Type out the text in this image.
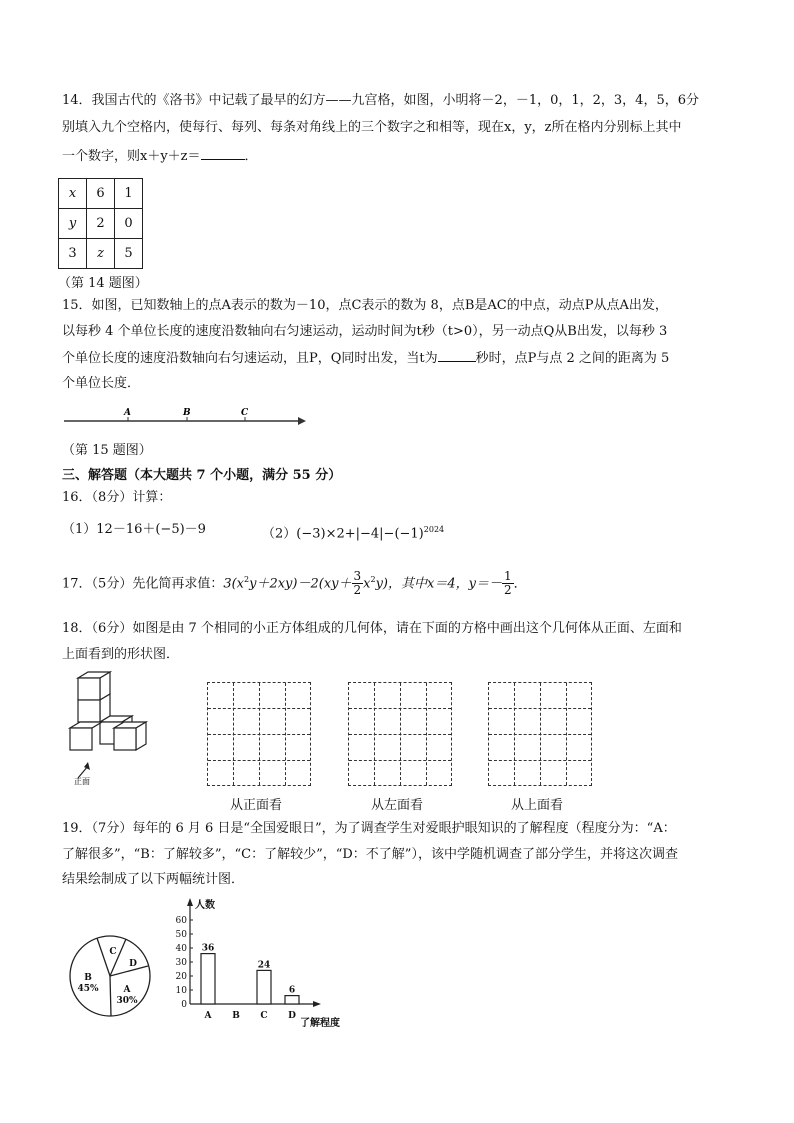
14．我国古代的《洛书》中记载了最早的幻方——九宫格，如图，小明将－2，－1，0，1，2，3，4，5，6分
别填入九个空格内，使每行、每列、每条对角线上的三个数字之和相等，现在x，y，z所在格内分别标上其中
一个数字，则x＋y＋z＝	．
x	6	1
y	2	0
3	z	5
（第 14 题图）
15．如图，已知数轴上的点A表示的数为－10，点C表示的数为 8，点B是AC的中点，动点P从点A出发，
以每秒 4 个单位长度的速度沿数轴向右匀速运动，运动时间为t秒（t>0），另一动点Q从B出发，以每秒 3
个单位长度的速度沿数轴向右匀速运动，且P，Q同时出发，当t为	秒时，点P与点 2 之间的距离为 5
个单位长度．
A	B	C
（第 15 题图）
三、解答题（本大题共 7 个小题，满分 55 分）
16．（8分）计算：
（1）12－16＋(−5)－9	$(2)(-3)\times 2+|-4|-(-1)^{2024}$
17．（5分）先化简再求值：$3(x^2y+2xy)-2(xy+ \frac{3}{2} x^2y)$，其中x＝4，$y=- \frac{1}{2}$ ．
18．（6分）如图是由 7 个相同的小正方体组成的几何体，请在下面的方格中画出这个几何体从正面、左面和
上面看到的形状图．
正面
从正面看	从左面看	从上面看
19．（7分）每年的 6 月 6 日是“全国爱眼日”，为了调查学生对爱眼护眼知识的了解程度（程度分为：“A：
了解很多”，“B：了解较多”，“C：了解较少”，“D：不了解”），该中学随机调查了部分学生，并将这次调查
结果绘制成了以下两幅统计图．
C
D
B
45%	A
30%
人数
0
10
20
30
40
50
60
A
36
B C
24
D
6
了解程度
